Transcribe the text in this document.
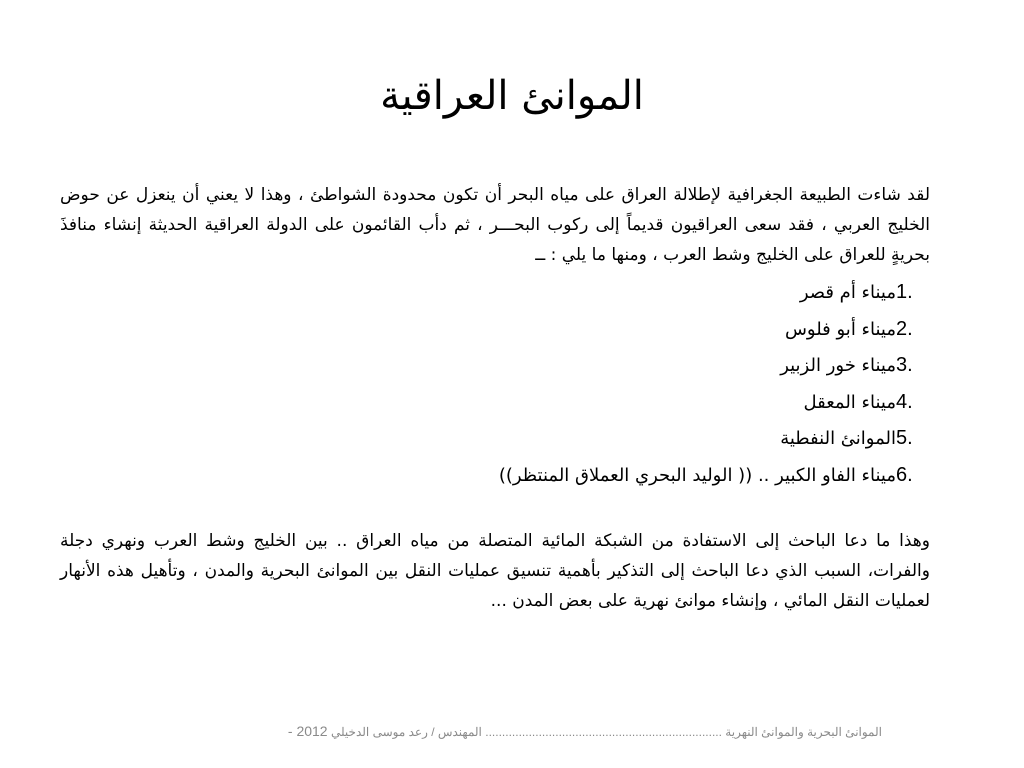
الموانئ العراقية

لقد شاءت الطبيعة الجغرافية لإطلالة العراق على مياه البحر أن تكون محدودة الشواطئ ، وهذا لا يعني أن ينعزل عن حوض الخليج العربي ، فقد سعى العراقيون قديماً إلى ركوب البحـــر ، ثم دأب القائمون على الدولة العراقية الحديثة إنشاء منافذَ بحريةٍ للعراق على الخليج وشط العرب ، ومنها ما يلي : ــ

1.
ميناء أم قصر
2.
ميناء أبو فلوس
3.
ميناء خور الزبير
4.
ميناء المعقل
5.
الموانئ النفطية
6.
ميناء الفاو الكبير .. (( الوليد البحري العملاق المنتظر))

وهذا ما دعا الباحث إلى الاستفادة من الشبكة المائية المتصلة من مياه العراق .. بين الخليج وشط العرب ونهري دجلة والفرات، السبب الذي دعا الباحث إلى التذكير بأهمية تنسيق عمليات النقل بين الموانئ البحرية والمدن ، وتأهيل هذه الأنهار لعمليات النقل المائي ، وإنشاء موانئ نهرية على بعض المدن ...

الموانئ البحرية والموانئ النهرية ....................................................................... المهندس / رعد موسى الدخيلي 2012 -
